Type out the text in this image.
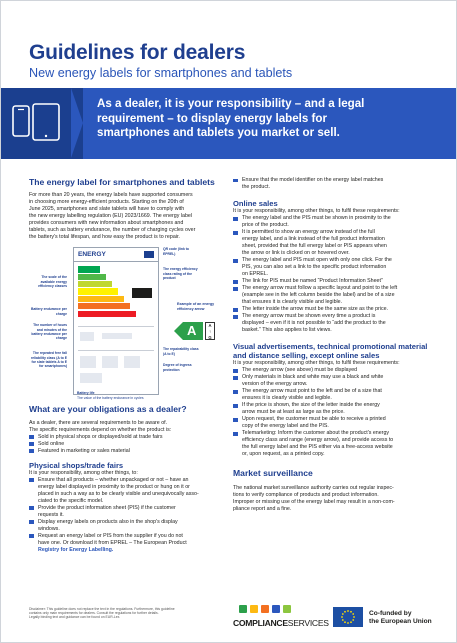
Guidelines for dealers
New energy labels for smartphones and tablets
As a dealer, it is your responsibility – and a legal
requirement – to display energy labels for
smartphones and tablets you market or sell.
The energy label for smartphones and tablets

For more than 20 years, the energy labels have supported consumers

in choosing more energy-efficient products. Starting on the 20th of

June 2025, smartphones and slate tablets will have to comply with

the new energy labelling regulation (EU) 2023/1669. The energy label

provides consumers with new information about smartphones and

tablets, such as battery endurance, the number of charging cycles over

the battery's total lifespan, and how easy the product is to repair.

ENERGY
The scale of the available energy efficiency classes
Battery endurance per charge
The number of hours and minutes of the battery endurance per charge
The repeated free fall reliability class (A to E for slate tablets A to E for smartphones)
QR code (link to EPREL)
The energy efficiency class rating of the product
The repairability class (A to E)
Degree of ingress protection
Battery life
The value of the battery endurance in cycles
Example of an energy efficiency arrow
A	A
↑
G
What are your obligations as a dealer?

As a dealer, there are several requirements to be aware of.

The specific requirements depend on whether the product is:

Sold in physical shops or displayed/sold at trade fairs
Sold online
Featured in marketing or sales material
Physical shops/trade fairs

It is your responsibility, among other things, to:

Ensure that all products – whether unpackaged or not – have an
energy label displayed in proximity to the product or hung on it or
placed in such a way as to be clearly visible and unequivocally asso-
ciated to the specific model.
Provide the product information sheet (PIS) if the customer
requests it.
Display energy labels on products also in the shop's display
windows.
Request an energy label or PIS from the supplier if you do not
have one. Or download it from EPREL – The European Product
Registry for Energy Labelling.
Ensure that the model identifier on the energy label matches
the product.
Online sales

It is your responsibility, among other things, to fulfil these requirements:

The energy label and the PIS must be shown in proximity to the
price of the product.
It is permitted to show an energy arrow instead of the full
energy label, and a link instead of the full product information
sheet, provided that the full energy label or PIS appears when
the arrow or link is clicked on or hovered over.
The energy label and PIS must open with only one click. For the
PIS, you can also set a link to the specific product information
on EPREL.
The link for PIS must be named “Product Information Sheet”
The energy arrow must follow a specific layout and point to the left
(example see in the left column beside the label) and be of a size
that ensures it is clearly visible and legible.
The letter inside the arrow must be the same size as the price.
The energy arrow must be shown every time a product is
displayed – even if it is not possible to “add the product to the
basket.” This also applies to list views.
Visual advertisements, technical promotional material and distance selling, except online sales

It is your responsibility, among other things, to fulfil these requirements:

The energy arrow (see above) must be displayed
Only materials in black and white may use a black and white
version of the energy arrow.
The energy arrow must point to the left and be of a size that
ensures it is clearly visible and legible.
If the price is shown, the size of the letter inside the energy
arrow must be at least as large as the price.
Upon request, the customer must be able to receive a printed
copy of the energy label and the PIS.
Telemarketing: Inform the customer about the product's energy
efficiency class and range (energy arrow), and provide access to
the full energy label and the PIS either via a free-access website
or, upon request, as a printed copy.
Market surveillance

The national market surveillance authority carries out regular inspec-

tions to verify compliance of products and product information.

Improper or missing use of the energy label may result in a non-com-

pliance report and a fine.

Disclaimer: This guideline does not replace the text in the regulations. Furthermore, this guideline
contains only main requirements for dealers. Consult the regulations for further details.
Legally binding text and guidance can be found on EUR-Lex.
COMPLIANCESERVICES
Co-funded by
the European Union
